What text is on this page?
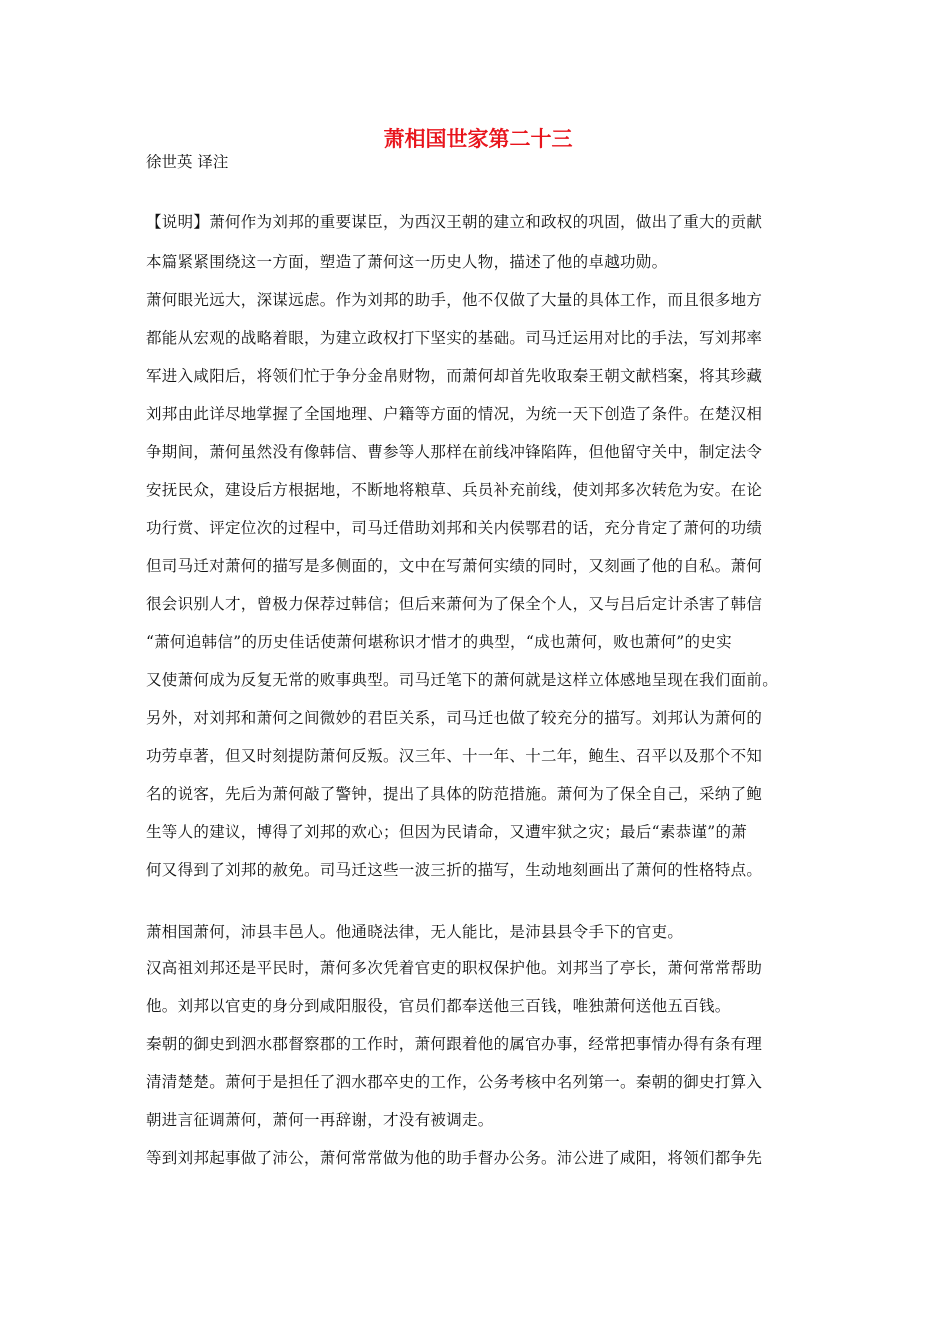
萧相国世家第二十三
徐世英 译注
【说明】萧何作为刘邦的重要谋臣，为西汉王朝的建立和政权的巩固，做出了重大的贡献
本篇紧紧围绕这一方面，塑造了萧何这一历史人物，描述了他的卓越功勋。
萧何眼光远大，深谋远虑。作为刘邦的助手，他不仅做了大量的具体工作，而且很多地方
都能从宏观的战略着眼，为建立政权打下坚实的基础。司马迁运用对比的手法，写刘邦率
军进入咸阳后，将领们忙于争分金帛财物，而萧何却首先收取秦王朝文献档案，将其珍藏
刘邦由此详尽地掌握了全国地理、户籍等方面的情况，为统一天下创造了条件。在楚汉相
争期间，萧何虽然没有像韩信、曹参等人那样在前线冲锋陷阵，但他留守关中，制定法令
安抚民众，建设后方根据地，不断地将粮草、兵员补充前线，使刘邦多次转危为安。在论
功行赏、评定位次的过程中，司马迁借助刘邦和关内侯鄂君的话，充分肯定了萧何的功绩
但司马迁对萧何的描写是多侧面的，文中在写萧何实绩的同时，又刻画了他的自私。萧何
很会识别人才，曾极力保荐过韩信；但后来萧何为了保全个人，又与吕后定计杀害了韩信
“萧何追韩信”的历史佳话使萧何堪称识才惜才的典型，“成也萧何，败也萧何”的史实
又使萧何成为反复无常的败事典型。司马迁笔下的萧何就是这样立体感地呈现在我们面前。
另外，对刘邦和萧何之间微妙的君臣关系，司马迁也做了较充分的描写。刘邦认为萧何的
功劳卓著，但又时刻提防萧何反叛。汉三年、十一年、十二年，鲍生、召平以及那个不知
名的说客，先后为萧何敲了警钟，提出了具体的防范措施。萧何为了保全自己，采纳了鲍
生等人的建议，博得了刘邦的欢心；但因为民请命，又遭牢狱之灾；最后“素恭谨”的萧
何又得到了刘邦的赦免。司马迁这些一波三折的描写，生动地刻画出了萧何的性格特点。
萧相国萧何，沛县丰邑人。他通晓法律，无人能比，是沛县县令手下的官吏。
汉高祖刘邦还是平民时，萧何多次凭着官吏的职权保护他。刘邦当了亭长，萧何常常帮助
他。刘邦以官吏的身分到咸阳服役，官员们都奉送他三百钱，唯独萧何送他五百钱。
秦朝的御史到泗水郡督察郡的工作时，萧何跟着他的属官办事，经常把事情办得有条有理
清清楚楚。萧何于是担任了泗水郡卒史的工作，公务考核中名列第一。秦朝的御史打算入
朝进言征调萧何，萧何一再辞谢，才没有被调走。
等到刘邦起事做了沛公，萧何常常做为他的助手督办公务。沛公进了咸阳，将领们都争先
